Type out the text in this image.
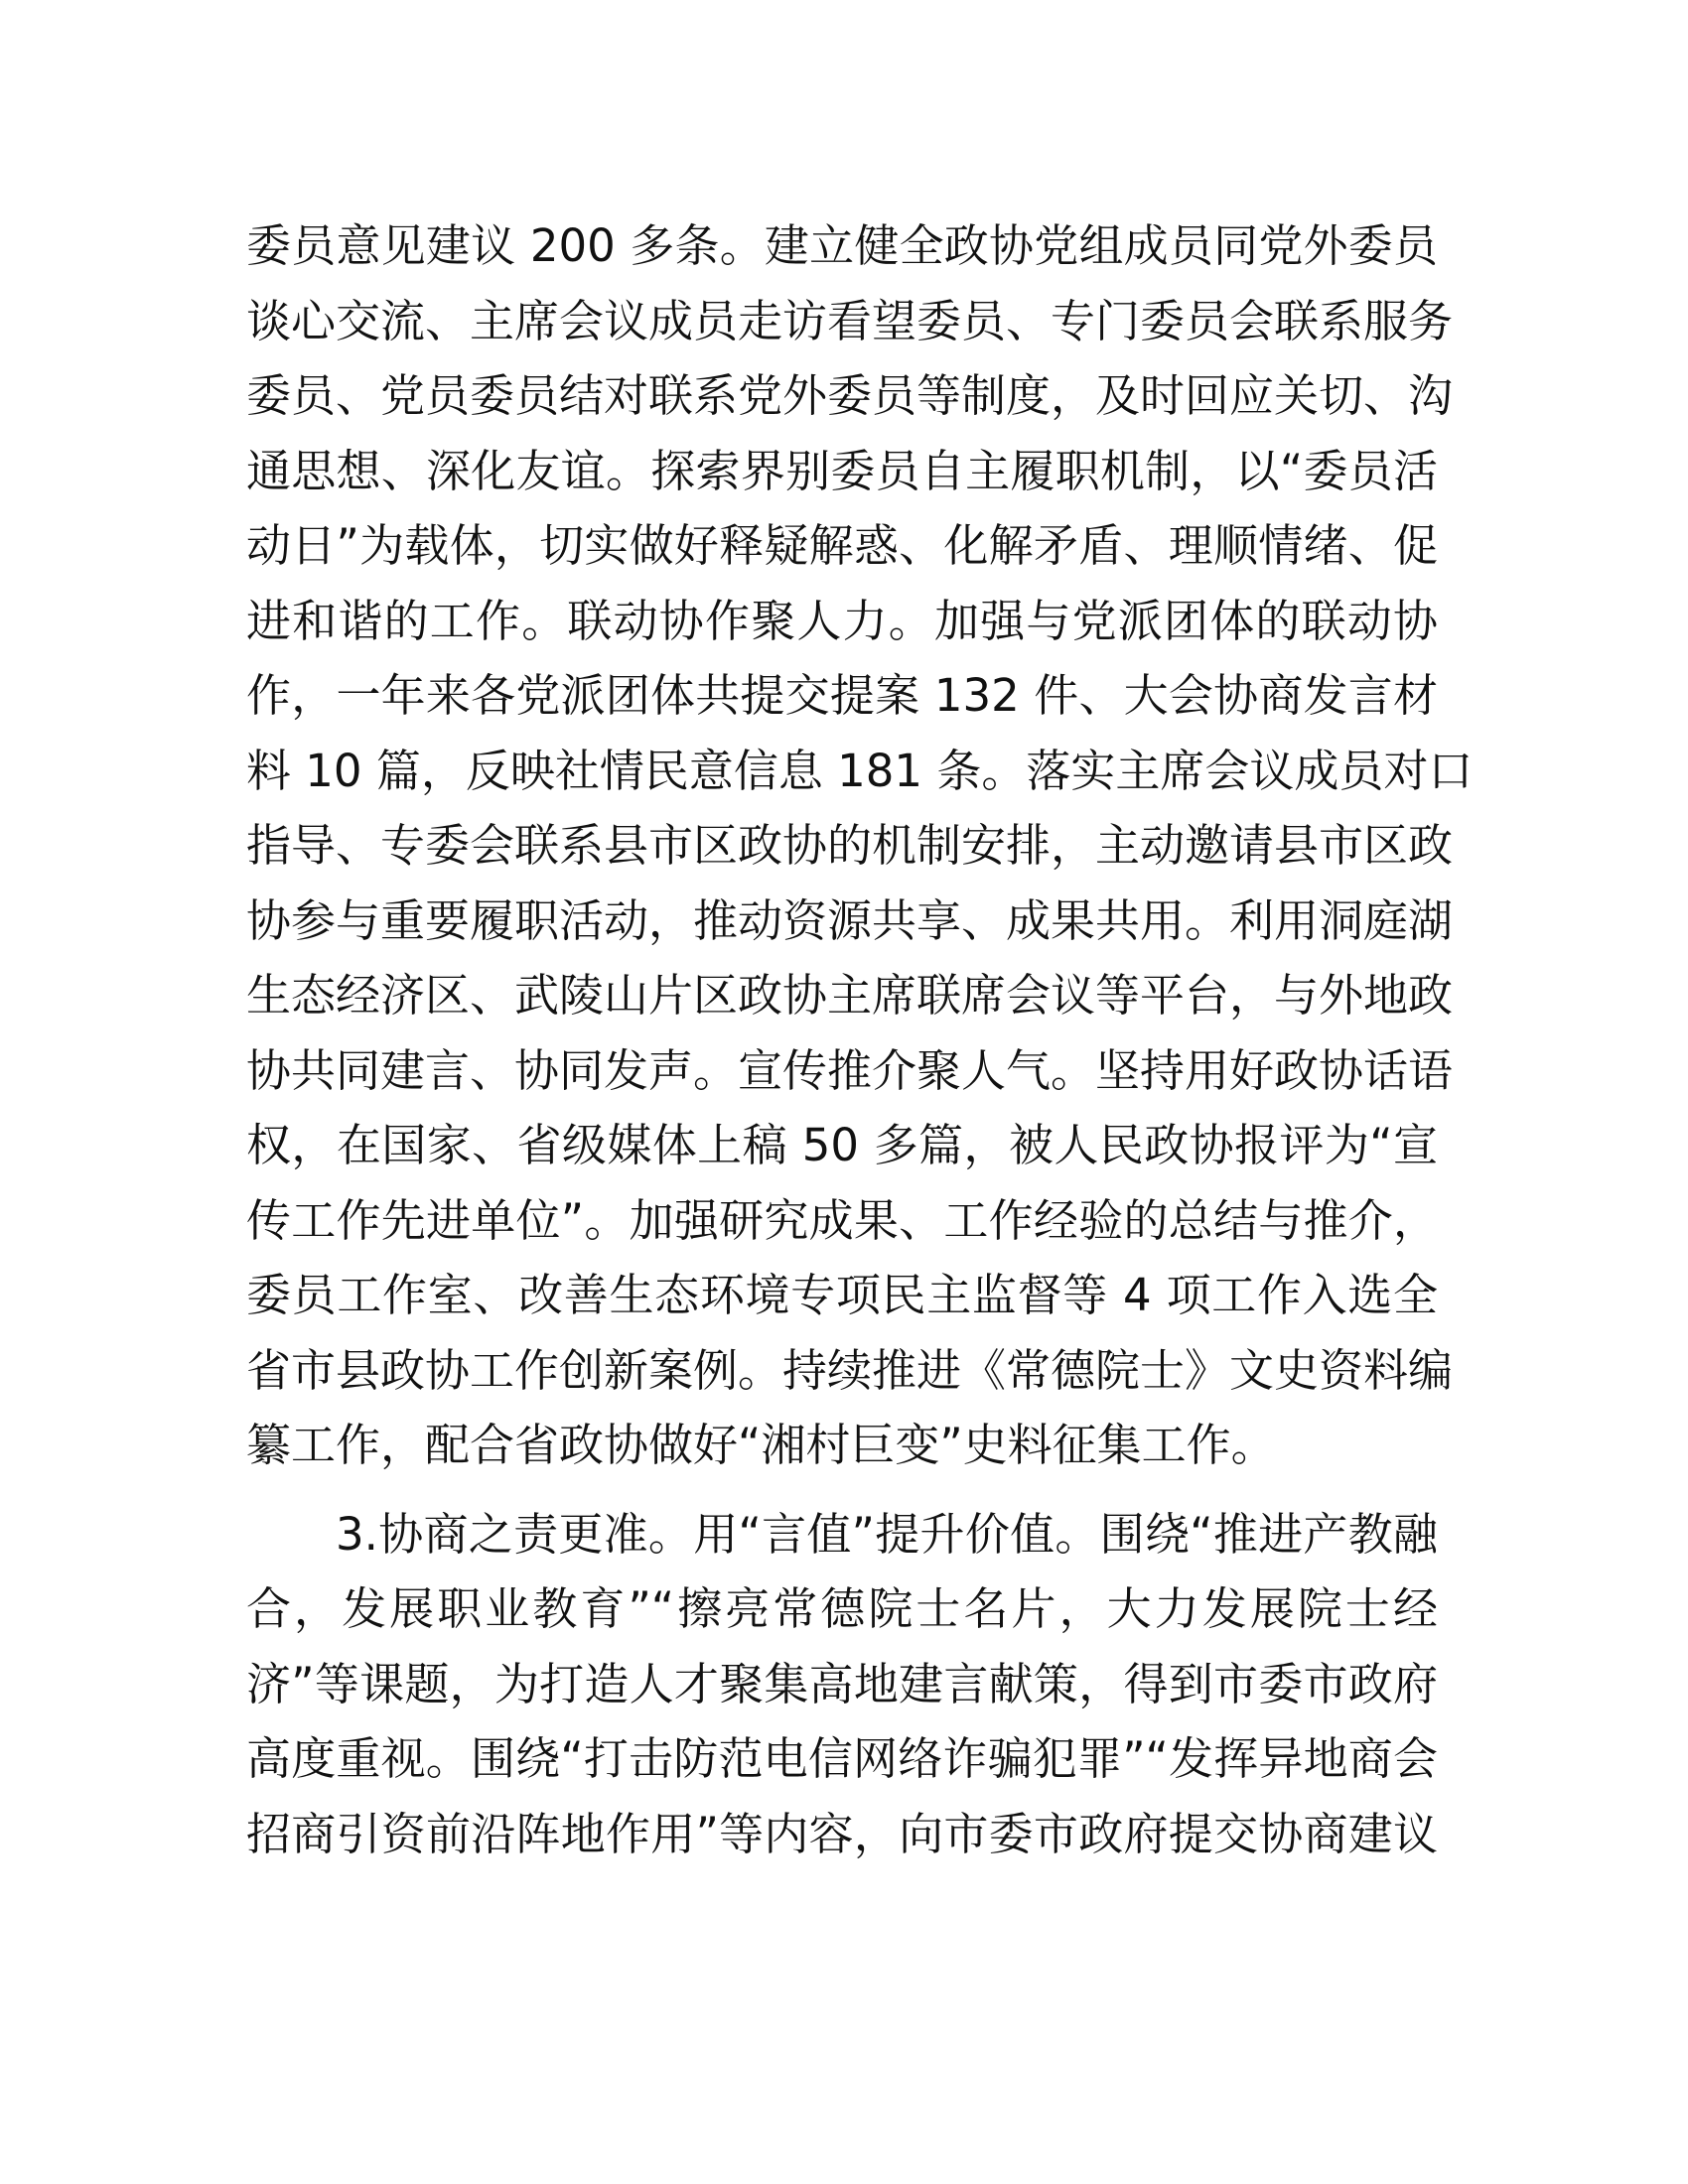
委员意见建议 200 多条。建立健全政协党组成员同党外委员
谈心交流、主席会议成员走访看望委员、专门委员会联系服务
委员、党员委员结对联系党外委员等制度，及时回应关切、沟
通思想、深化友谊。探索界别委员自主履职机制，以“委员活
动日”为载体，切实做好释疑解惑、化解矛盾、理顺情绪、促
进和谐的工作。联动协作聚人力。加强与党派团体的联动协
作，一年来各党派团体共提交提案 132 件、大会协商发言材
料 10 篇，反映社情民意信息 181 条。落实主席会议成员对口
指导、专委会联系县市区政协的机制安排，主动邀请县市区政
协参与重要履职活动，推动资源共享、成果共用。利用洞庭湖
生态经济区、武陵山片区政协主席联席会议等平台，与外地政
协共同建言、协同发声。宣传推介聚人气。坚持用好政协话语
权，在国家、省级媒体上稿 50 多篇，被人民政协报评为“宣
传工作先进单位”。加强研究成果、工作经验的总结与推介，
委员工作室、改善生态环境专项民主监督等 4 项工作入选全
省市县政协工作创新案例。持续推进《常德院士》文史资料编
纂工作，配合省政协做好“湘村巨变”史料征集工作。
3.协商之责更准。用“言值”提升价值。围绕“推进产教融
合，发展职业教育”“擦亮常德院士名片，大力发展院士经
济”等课题，为打造人才聚集高地建言献策，得到市委市政府
高度重视。围绕“打击防范电信网络诈骗犯罪”“发挥异地商会
招商引资前沿阵地作用”等内容，向市委市政府提交协商建议
